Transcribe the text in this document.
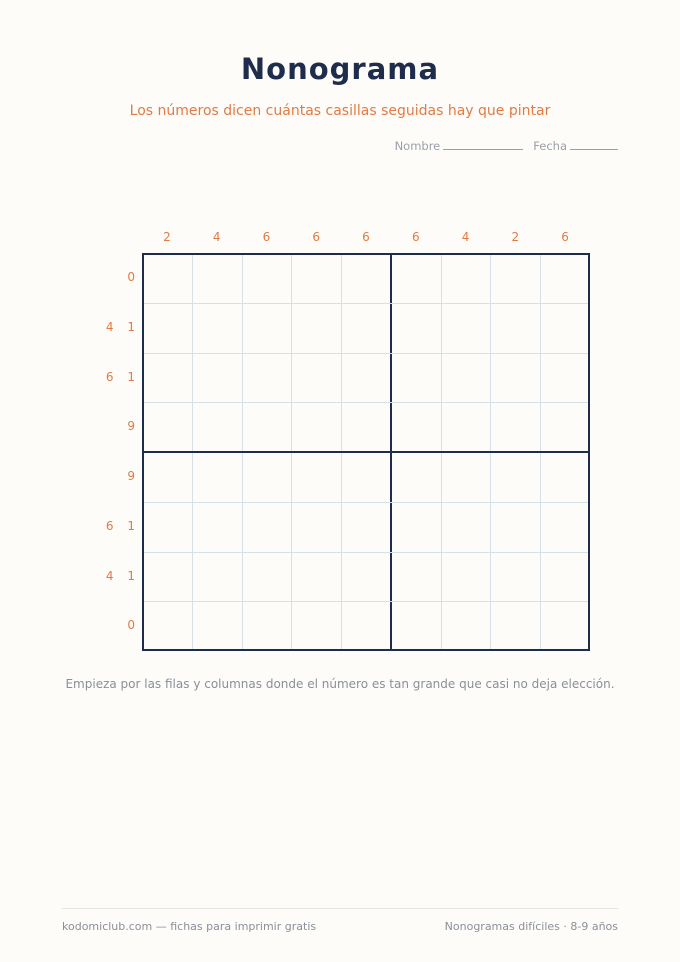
Nonograma
Los números dicen cuántas casillas seguidas hay que pintar
Nombre	Fecha
2	4	6	6	6	6	4	2	6
0
4 1
6 1
9
9
6 1
4 1
0
Empieza por las filas y columnas donde el número es tan grande que casi no deja elección.
kodomiclub.com — fichas para imprimir gratis	Nonogramas difíciles · 8-9 años
